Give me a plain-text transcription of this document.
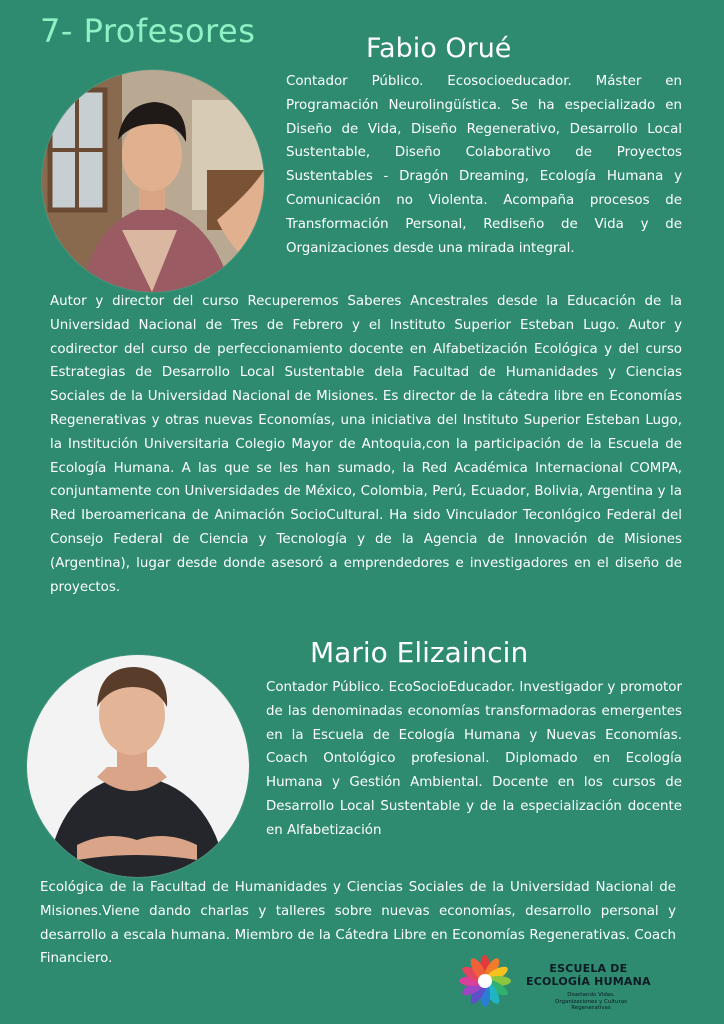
7- Profesores	Fabio Orué

Contador Público. Ecosocioeducador. Máster en Programación Neurolingüística. Se ha especializado en Diseño de Vida, Diseño Regenerativo, Desarrollo Local Sustentable, Diseño Colaborativo de Proyectos Sustentables - Dragón Dreaming, Ecología Humana y Comunicación no Violenta. Acompaña procesos de Transformación Personal, Rediseño de Vida y de Organizaciones desde una mirada integral.

Autor y director del curso Recuperemos Saberes Ancestrales desde la Educación de la Universidad Nacional de Tres de Febrero y el Instituto Superior Esteban Lugo. Autor y codirector del curso de perfeccionamiento docente en Alfabetización Ecológica y del curso Estrategias de Desarrollo Local Sustentable dela Facultad de Humanidades y Ciencias Sociales de la Universidad Nacional de Misiones. Es director de la cátedra libre en Economías Regenerativas y otras nuevas Economías, una iniciativa del Instituto Superior Esteban Lugo, la Institución Universitaria Colegio Mayor de Antoquia,con la participación de la Escuela de Ecología Humana. A las que se les han sumado, la Red Académica Internacional COMPA, conjuntamente con Universidades de México, Colombia, Perú, Ecuador, Bolivia, Argentina y la Red Iberoamericana de Animación SocioCultural. Ha sido Vinculador Teconlógico Federal del Consejo Federal de Ciencia y Tecnología y de la Agencia de Innovación de Misiones (Argentina), lugar desde donde asesoró a emprendedores e investigadores en el diseño de proyectos.

Mario Elizaincin

Contador Público. EcoSocioEducador. Investigador y promotor de las denominadas economías transformadoras emergentes en la Escuela de Ecología Humana y Nuevas Economías. Coach Ontológico profesional. Diplomado en Ecología Humana y Gestión Ambiental. Docente en los cursos de Desarrollo Local Sustentable y de la especialización docente en Alfabetización

Ecológica de la Facultad de Humanidades y Ciencias Sociales de la Universidad Nacional de Misiones.Viene dando charlas y talleres sobre nuevas economías, desarrollo personal y desarrollo a escala humana. Miembro de la Cátedra Libre en Economías Regenerativas. Coach Financiero.

ESCUELA DE
ECOLOGÍA HUMANA
Diseñando Vidas, Organizaciones y Culturas Regenerativas
